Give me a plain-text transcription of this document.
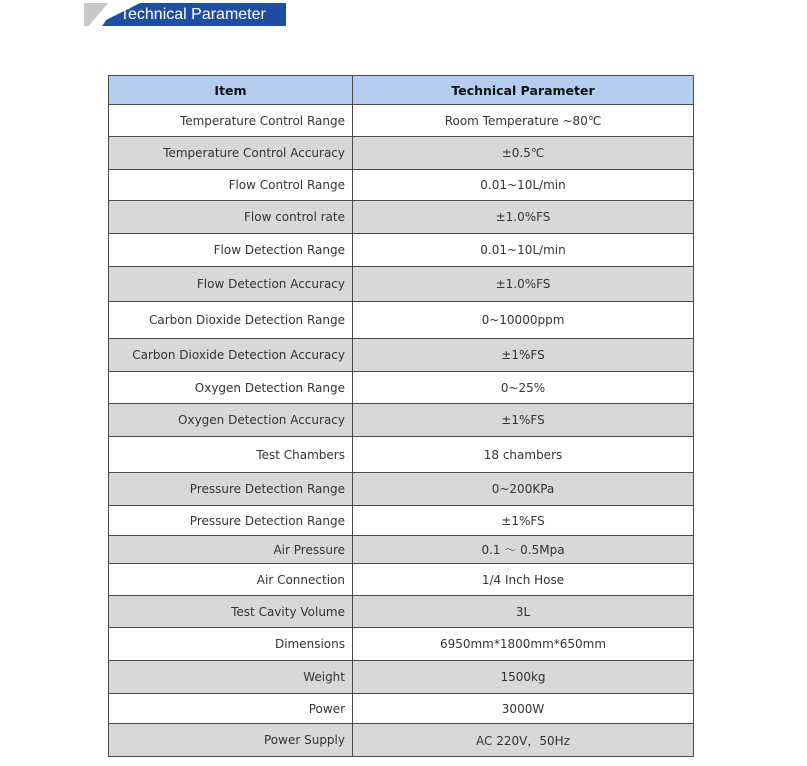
Technical Parameter
Item	Technical Parameter
Temperature Control Range	Room Temperature ~80℃
Temperature Control Accuracy	±0.5℃
Flow Control Range	0.01~10L/min
Flow control rate	±1.0%FS
Flow Detection Range	0.01~10L/min
Flow Detection Accuracy	±1.0%FS
Carbon Dioxide Detection Range	0~10000ppm
Carbon Dioxide Detection Accuracy	±1%FS
Oxygen Detection Range	0~25%
Oxygen Detection Accuracy	±1%FS
Test Chambers	18 chambers
Pressure Detection Range	0~200KPa
Pressure Detection Range	±1%FS
Air Pressure	0.1 ～ 0.5Mpa
Air Connection	1/4 Inch Hose
Test Cavity Volume	3L
Dimensions	6950mm*1800mm*650mm
Weight	1500kg
Power	3000W
Power Supply	AC 220V，50Hz
